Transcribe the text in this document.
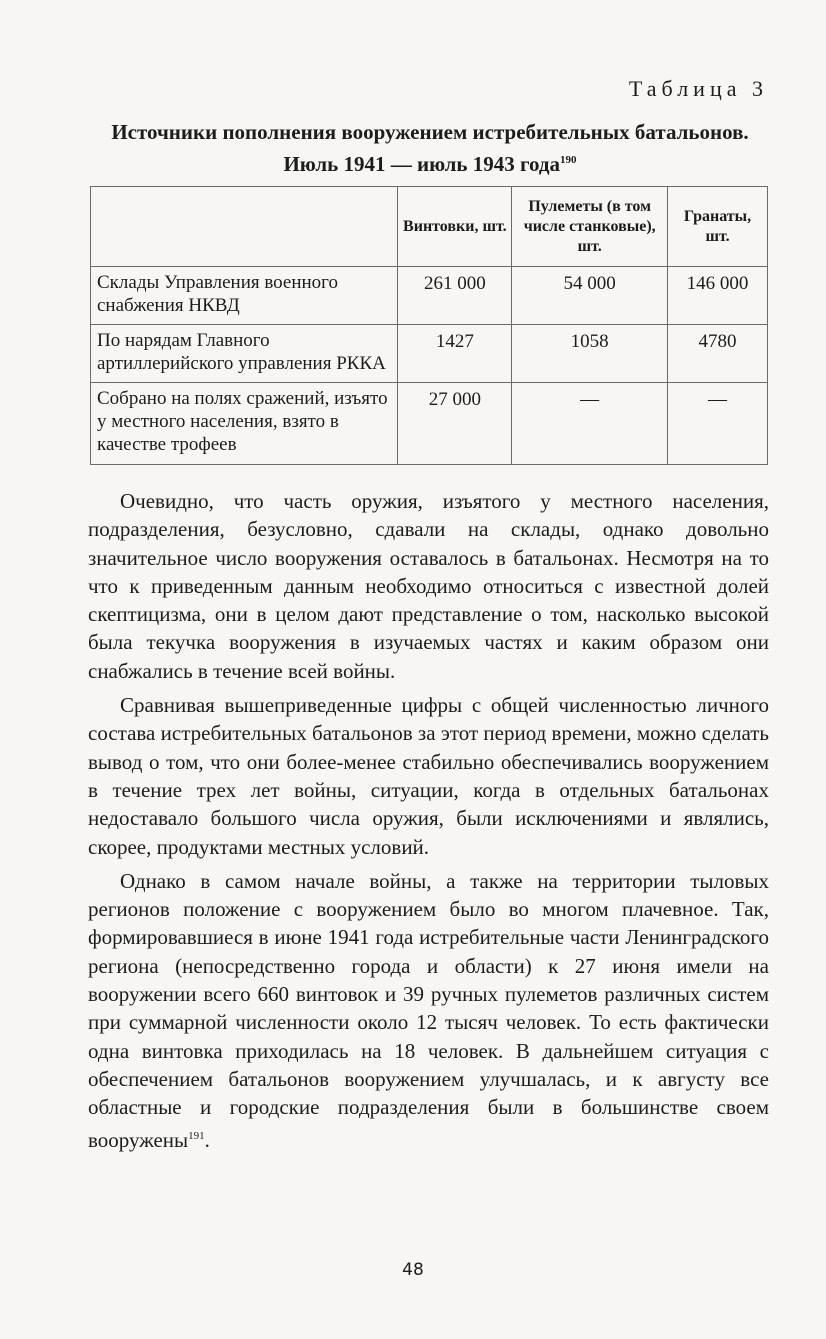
Таблица 3
Источники пополнения вооружением истребительных батальонов.
Июль 1941 — июль 1943 года$^{190}$
	Винтовки, шт.	Пулеметы (в том числе станковые), шт.	Гранаты, шт.
Склады Управления военного снабжения НКВД	261 000	54 000	146 000
По нарядам Главного артиллерийского управления РККА	1427	1058	4780
Собрано на полях сражений, изъято у местного населения, взято в качестве трофеев	27 000	—	—

Очевидно, что часть оружия, изъятого у местного населения, подразделения, безусловно, сдавали на склады, однако довольно значительное число вооружения оставалось в батальонах. Несмотря на то что к приведенным данным необходимо относиться с известной долей скептицизма, они в целом дают представление о том, насколько высокой была текучка вооружения в изучаемых частях и каким образом они снабжались в течение всей войны.

Сравнивая вышеприведенные цифры с общей численностью личного состава истребительных батальонов за этот период времени, можно сделать вывод о том, что они более-менее стабильно обеспечивались вооружением в течение трех лет войны, ситуации, когда в отдельных батальонах недоставало большого числа оружия, были исключениями и являлись, скорее, продуктами местных условий.

Однако в самом начале войны, а также на территории тыловых регионов положение с вооружением было во многом плачевное. Так, формировавшиеся в июне 1941 года истребительные части Ленинградского региона (непосредственно города и области) к 27 июня имели на вооружении всего 660 винтовок и 39 ручных пулеметов различных систем при суммарной численности около 12 тысяч человек. То есть фактически одна винтовка приходилась на 18 человек. В дальнейшем ситуация с обеспечением батальонов вооружением улучшалась, и к августу все областные и городские подразделения были в большинстве своем вооружены$^{191}$.

48
